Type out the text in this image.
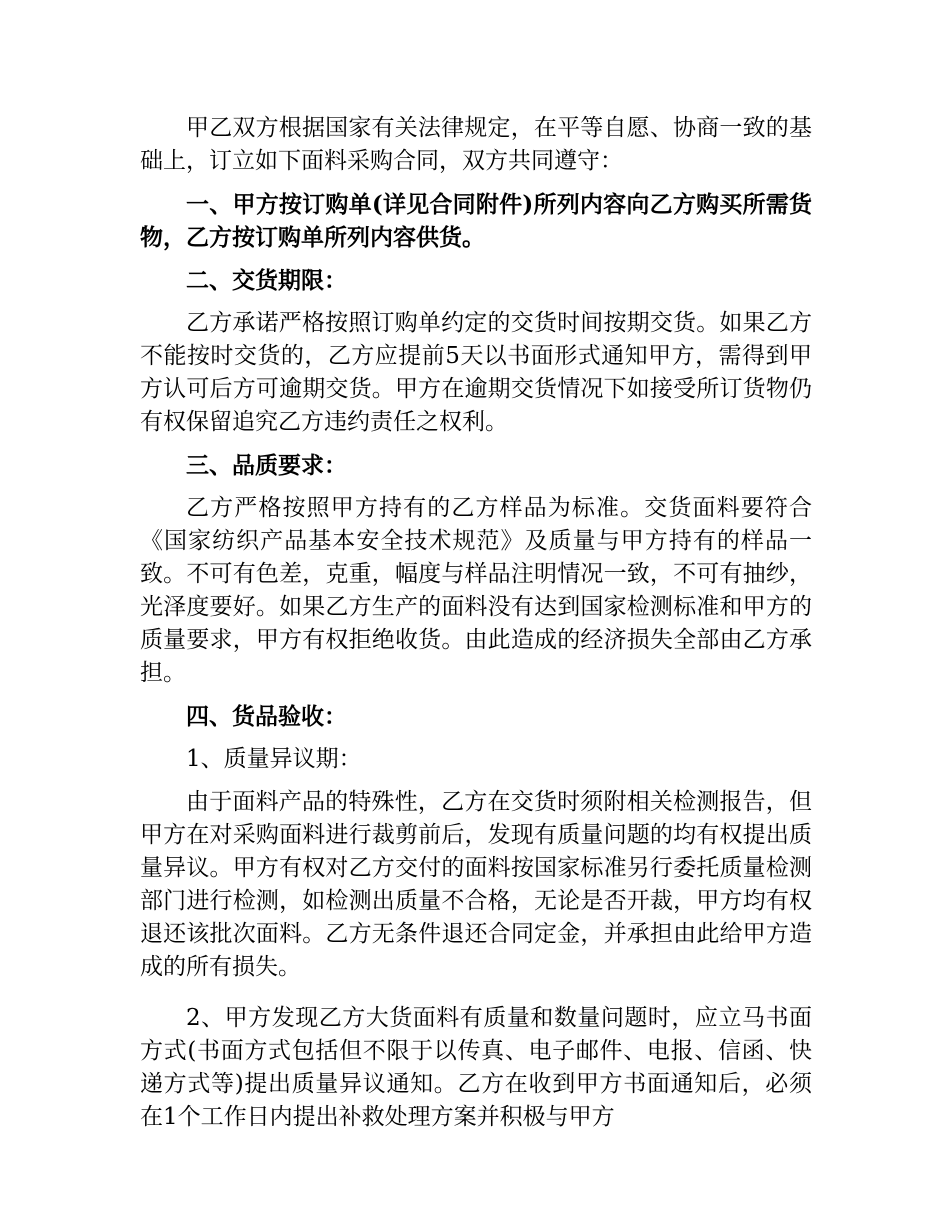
甲乙双方根据国家有关法律规定，在平等自愿、协商一致的基础上，订立如下面料采购合同，双方共同遵守：

一、甲方按订购单(详见合同附件)所列内容向乙方购买所需货物，乙方按订购单所列内容供货。

二、交货期限：

乙方承诺严格按照订购单约定的交货时间按期交货。如果乙方不能按时交货的，乙方应提前5天以书面形式通知甲方，需得到甲方认可后方可逾期交货。甲方在逾期交货情况下如接受所订货物仍有权保留追究乙方违约责任之权利。

三、品质要求：

乙方严格按照甲方持有的乙方样品为标准。交货面料要符合《国家纺织产品基本安全技术规范》及质量与甲方持有的样品一致。不可有色差，克重，幅度与样品注明情况一致，不可有抽纱，光泽度要好。如果乙方生产的面料没有达到国家检测标准和甲方的质量要求，甲方有权拒绝收货。由此造成的经济损失全部由乙方承担。

四、货品验收：

1、质量异议期：

由于面料产品的特殊性，乙方在交货时须附相关检测报告，但甲方在对采购面料进行裁剪前后，发现有质量问题的均有权提出质量异议。甲方有权对乙方交付的面料按国家标准另行委托质量检测部门进行检测，如检测出质量不合格，无论是否开裁，甲方均有权退还该批次面料。乙方无条件退还合同定金，并承担由此给甲方造成的所有损失。

2、甲方发现乙方大货面料有质量和数量问题时，应立马书面方式(书面方式包括但不限于以传真、电子邮件、电报、信函、快递方式等)提出质量异议通知。乙方在收到甲方书面通知后，必须在1个工作日内提出补救处理方案并积极与甲方
